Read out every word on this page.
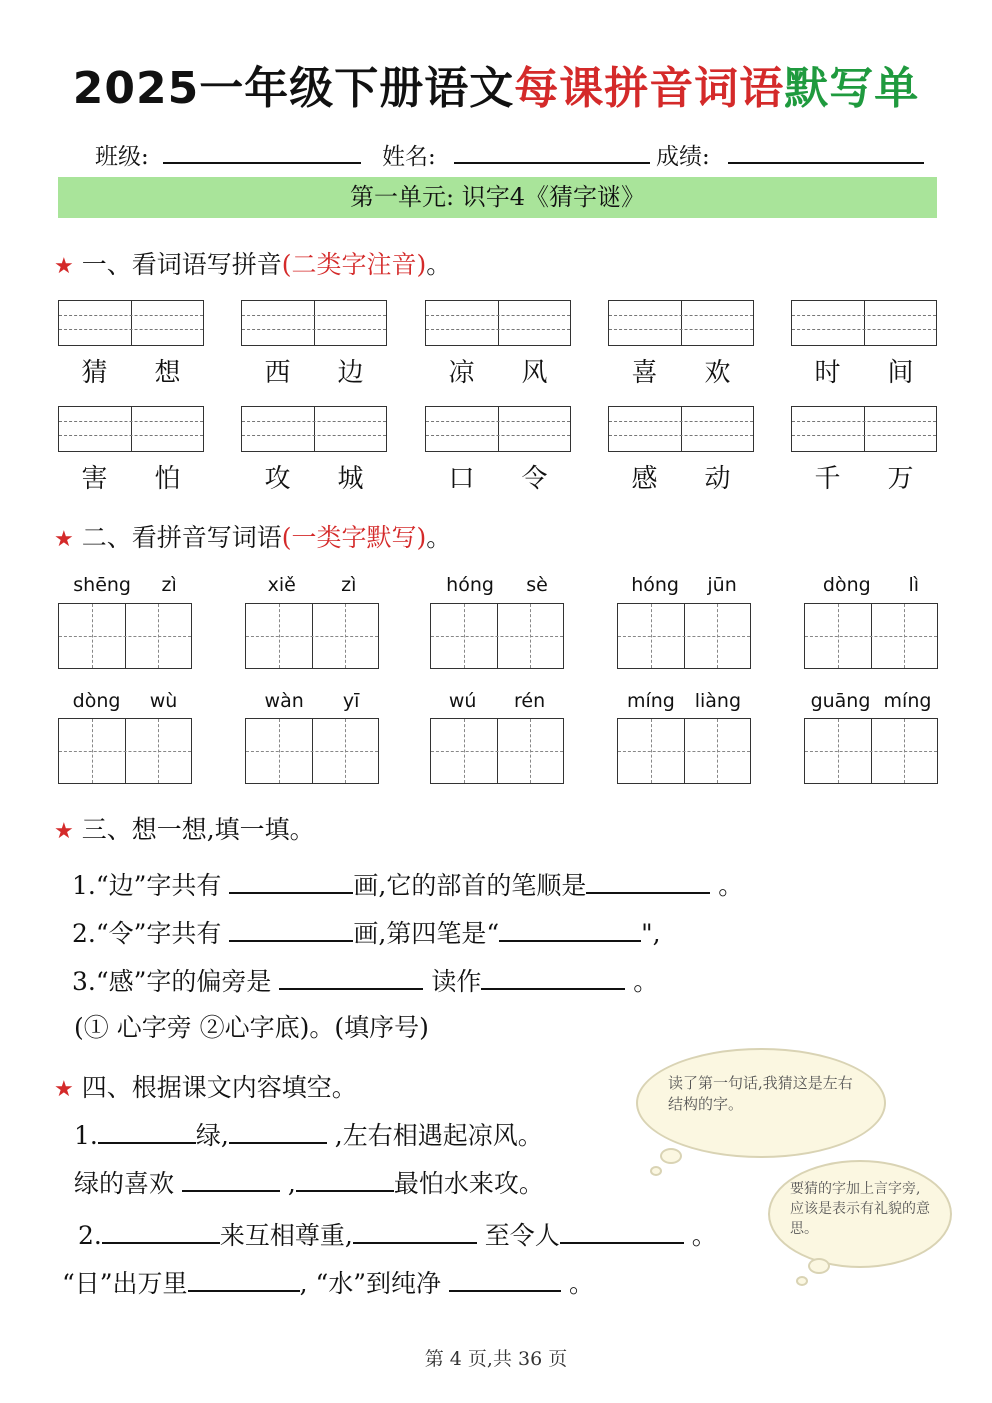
2025一年级下册语文每课拼音词语默写单
班级:	姓名:	成绩:
第一单元: 识字4《猜字谜》
★ 一、看词语写拼音(二类字注音)。
猜 想	西 边	凉 风	喜 欢	时 间
害 怕	攻 城	口 令	感 动	千 万
★ 二、看拼音写词语(一类字默写)。
shēng zì	xiě zì	hóng sè	hóng jūn	dòng lì
dòng wù	wàn yī	wú rén	míng liàng	guāng míng
★ 三、想一想,填一填。
1.“边”字共有	画,它的部首的笔顺是	。
2.“令”字共有	画,第四笔是“	",
3.“感”字的偏旁是	读作	。
(① 心字旁 ②心字底)。(填序号)
★ 四、根据课文内容填空。
1.	绿,	,左右相遇起凉风。
绿的喜欢	,	最怕水来攻。
2.	来互相尊重,	至令人	。
“日”出万里	, “水”到纯净	。
读了第一句话,我猜这是左右结构的字。
要猜的字加上言字旁,应该是表示有礼貌的意思。
第 4 页,共 36 页
